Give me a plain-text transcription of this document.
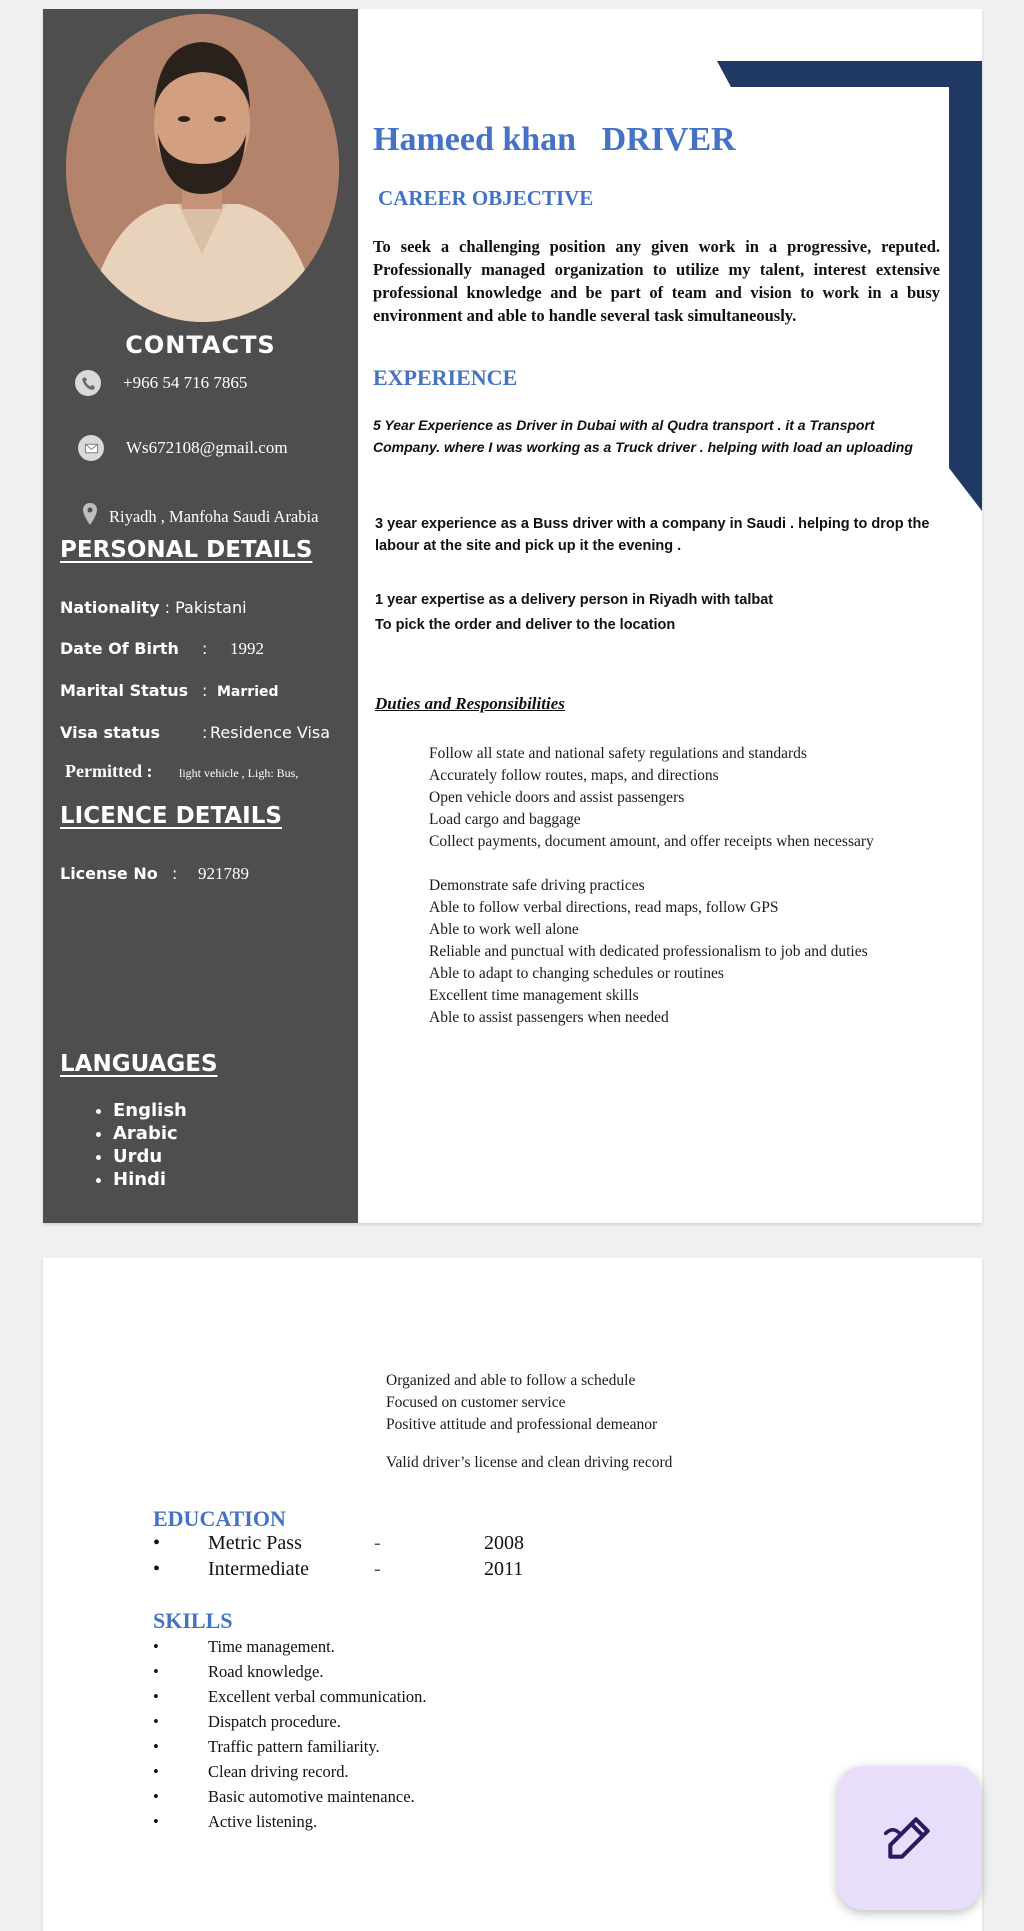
CONTACTS
+966 54 716 7865
Ws672108@gmail.com
Riyadh , Manfoha Saudi Arabia
PERSONAL DETAILS
Nationality : Pakistani
Date Of Birth	:	1992
Marital Status : Married
Visa status	: Residence Visa
Permitted :	light vehicle , Ligh: Bus,
LICENCE DETAILS
License No :	921789
LANGUAGES
• English
• Arabic
• Urdu
• Hindi
Hameed khan   DRIVER
CAREER OBJECTIVE
To seek a challenging position any given work in a progressive, reputed. Professionally managed organization to utilize my talent, interest extensive professional knowledge and be part of team and vision to work in a busy environment and able to handle several task simultaneously.
EXPERIENCE
5 Year Experience as Driver in Dubai with al Qudra transport . it a Transport Company. where I was working as a Truck driver . helping with load an uploading
3 year experience as a Buss driver with a company in Saudi . helping to drop the labour at the site and pick up it the evening .
1 year expertise as a delivery person in Riyadh with talbat
To pick the order and deliver to the location
Duties and Responsibilities
Follow all state and national safety regulations and standards
Accurately follow routes, maps, and directions
Open vehicle doors and assist passengers
Load cargo and baggage
Collect payments, document amount, and offer receipts when necessary
Demonstrate safe driving practices
Able to follow verbal directions, read maps, follow GPS
Able to work well alone
Reliable and punctual with dedicated professionalism to job and duties
Able to adapt to changing schedules or routines
Excellent time management skills
Able to assist passengers when needed
Organized and able to follow a schedule
Focused on customer service
Positive attitude and professional demeanor
Valid driver’s license and clean driving record
EDUCATION
•	Metric Pass	-	2008
•	Intermediate	-	2011
SKILLS
•	Time management.
•	Road knowledge.
•	Excellent verbal communication.
•	Dispatch procedure.
•	Traffic pattern familiarity.
•	Clean driving record.
•	Basic automotive maintenance.
•	Active listening.
